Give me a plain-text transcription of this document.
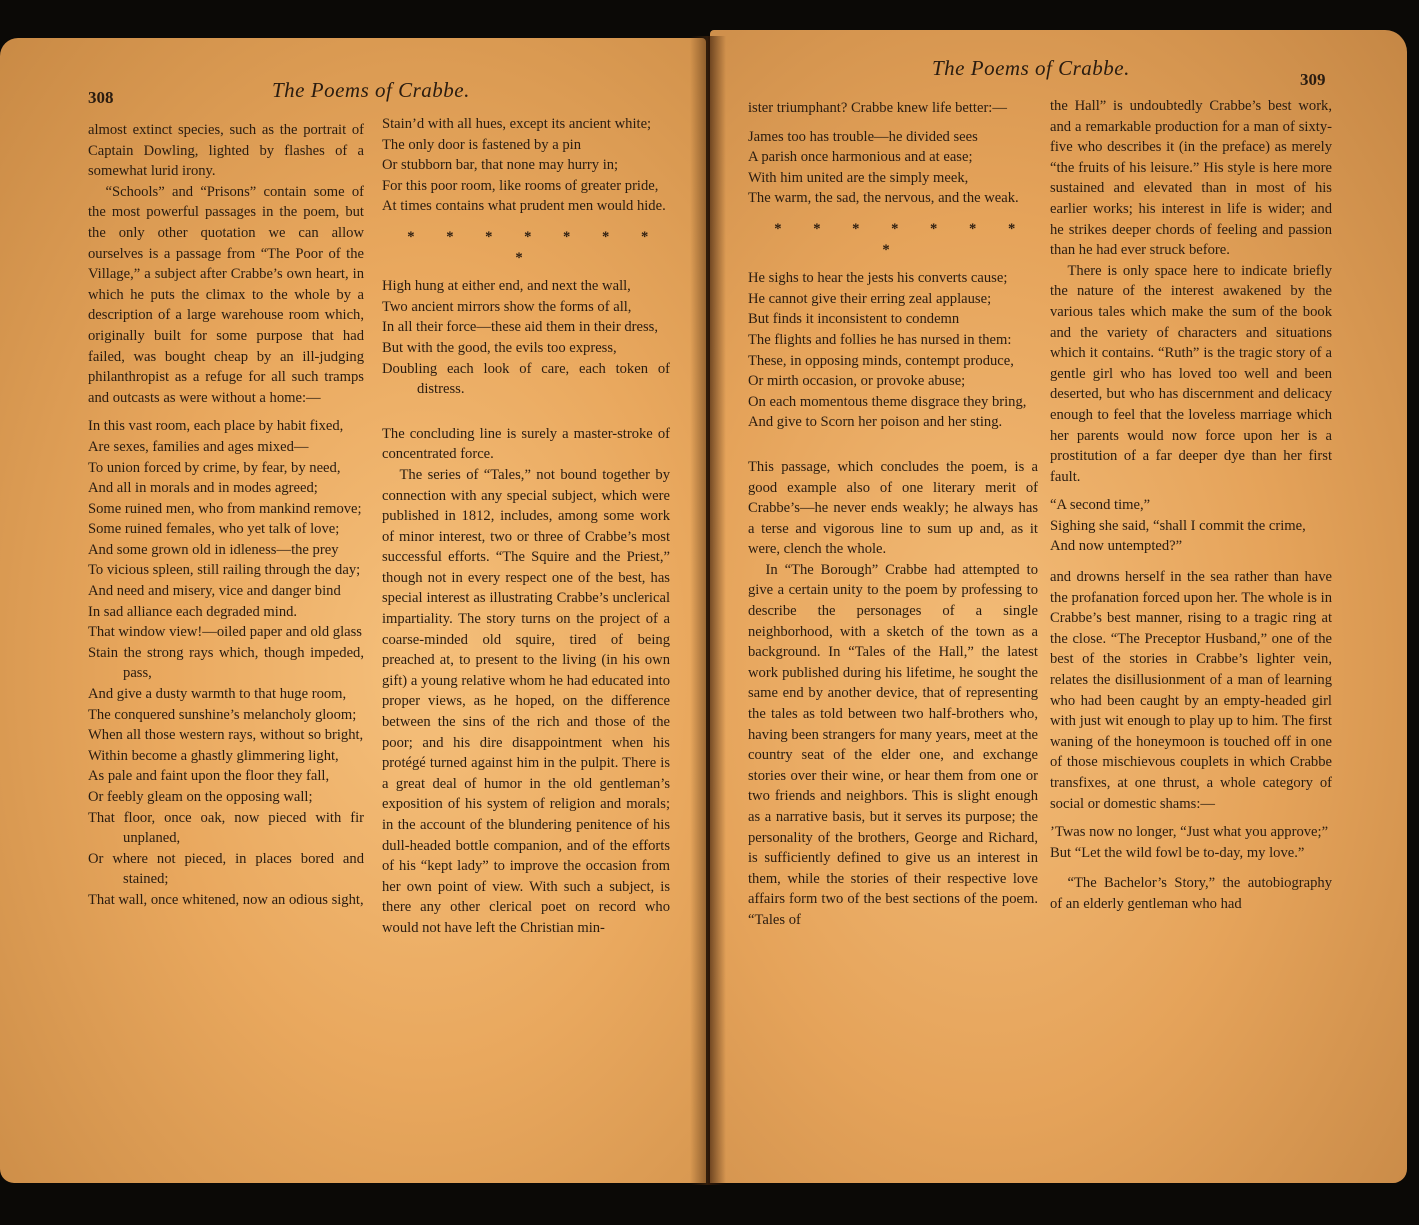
308	The Poems of Crabbe.

almost extinct species, such as the portrait of Captain Dowling, lighted by flashes of a somewhat lurid irony.

“Schools” and “Prisons” contain some of the most powerful passages in the poem, but the only other quotation we can allow ourselves is a passage from “The Poor of the Village,” a subject after Crabbe’s own heart, in which he puts the climax to the whole by a description of a large warehouse room which, originally built for some purpose that had failed, was bought cheap by an ill-judging philanthropist as a refuge for all such tramps and outcasts as were without a home:—

In this vast room, each place by habit fixed,

Are sexes, families and ages mixed—

To union forced by crime, by fear, by need,

And all in morals and in modes agreed;

Some ruined men, who from mankind remove;

Some ruined females, who yet talk of love;

And some grown old in idleness—the prey

To vicious spleen, still railing through the day;

And need and misery, vice and danger bind

In sad alliance each degraded mind.

That window view!—oiled paper and old glass

Stain the strong rays which, though impeded, pass,

And give a dusty warmth to that huge room,

The conquered sunshine’s melancholy gloom;

When all those western rays, without so bright,

Within become a ghastly glimmering light,

As pale and faint upon the floor they fall,

Or feebly gleam on the opposing wall;

That floor, once oak, now pieced with fir unplaned,

Or where not pieced, in places bored and stained;

That wall, once whitened, now an odious sight,

Stain’d with all hues, except its ancient white;

The only door is fastened by a pin

Or stubborn bar, that none may hurry in;

For this poor room, like rooms of greater pride,

At times contains what prudent men would hide.

* * * * * * * *

High hung at either end, and next the wall,

Two ancient mirrors show the forms of all,

In all their force—these aid them in their dress,

But with the good, the evils too express,

Doubling each look of care, each token of distress.

The concluding line is surely a master-stroke of concentrated force.

The series of “Tales,” not bound together by connection with any special subject, which were published in 1812, includes, among some work of minor interest, two or three of Crabbe’s most successful efforts. “The Squire and the Priest,” though not in every respect one of the best, has special interest as illustrating Crabbe’s unclerical impartiality. The story turns on the project of a coarse-minded old squire, tired of being preached at, to present to the living (in his own gift) a young relative whom he had educated into proper views, as he hoped, on the difference between the sins of the rich and those of the poor; and his dire disappointment when his protégé turned against him in the pulpit. There is a great deal of humor in the old gentleman’s exposition of his system of religion and morals; in the account of the blundering penitence of his dull-headed bottle companion, and of the efforts of his “kept lady” to improve the occasion from her own point of view. With such a subject, is there any other clerical poet on record who would not have left the Christian min-

The Poems of Crabbe.	309

ister triumphant? Crabbe knew life better:—

James too has trouble—he divided sees

A parish once harmonious and at ease;

With him united are the simply meek,

The warm, the sad, the nervous, and the weak.

* * * * * * * *

He sighs to hear the jests his converts cause;

He cannot give their erring zeal applause;

But finds it inconsistent to condemn

The flights and follies he has nursed in them:

These, in opposing minds, contempt produce,

Or mirth occasion, or provoke abuse;

On each momentous theme disgrace they bring,

And give to Scorn her poison and her sting.

This passage, which concludes the poem, is a good example also of one literary merit of Crabbe’s—he never ends weakly; he always has a terse and vigorous line to sum up and, as it were, clench the whole.

In “The Borough” Crabbe had attempted to give a certain unity to the poem by professing to describe the personages of a single neighborhood, with a sketch of the town as a background. In “Tales of the Hall,” the latest work published during his lifetime, he sought the same end by another device, that of representing the tales as told between two half-brothers who, having been strangers for many years, meet at the country seat of the elder one, and exchange stories over their wine, or hear them from one or two friends and neighbors. This is slight enough as a narrative basis, but it serves its purpose; the personality of the brothers, George and Richard, is sufficiently defined to give us an interest in them, while the stories of their respective love affairs form two of the best sections of the poem. “Tales of

the Hall” is undoubtedly Crabbe’s best work, and a remarkable production for a man of sixty-five who describes it (in the preface) as merely “the fruits of his leisure.” His style is here more sustained and elevated than in most of his earlier works; his interest in life is wider; and he strikes deeper chords of feeling and passion than he had ever struck before.

There is only space here to indicate briefly the nature of the interest awakened by the various tales which make the sum of the book and the variety of characters and situations which it contains. “Ruth” is the tragic story of a gentle girl who has loved too well and been deserted, but who has discernment and delicacy enough to feel that the loveless marriage which her parents would now force upon her is a prostitution of a far deeper dye than her first fault.

“A second time,”

Sighing she said, “shall I commit the crime,

And now untempted?”

and drowns herself in the sea rather than have the profanation forced upon her. The whole is in Crabbe’s best manner, rising to a tragic ring at the close. “The Preceptor Husband,” one of the best of the stories in Crabbe’s lighter vein, relates the disillusionment of a man of learning who had been caught by an empty-headed girl with just wit enough to play up to him. The first waning of the honeymoon is touched off in one of those mischievous couplets in which Crabbe transfixes, at one thrust, a whole category of social or domestic shams:—

’Twas now no longer, “Just what you approve;”

But “Let the wild fowl be to-day, my love.”

“The Bachelor’s Story,” the autobiography of an elderly gentleman who had
